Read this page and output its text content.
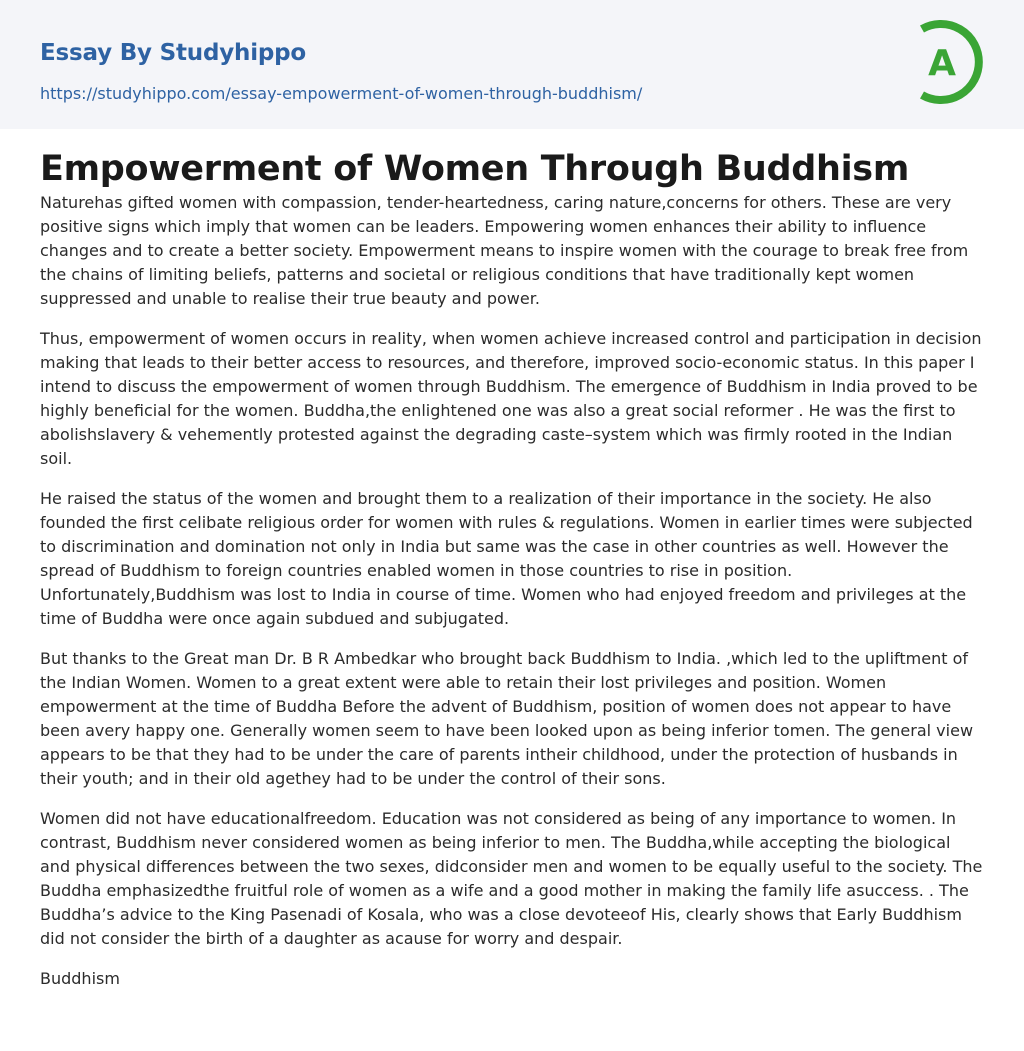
Essay By Studyhippo
https://studyhippo.com/essay-empowerment-of-women-through-buddhism/
A
Empowerment of Women Through Buddhism

Naturehas gifted women with compassion, tender-heartedness, caring nature,concerns for others. These are very positive signs which imply that women can be leaders. Empowering women enhances their ability to influence changes and to create a better society. Empowerment means to inspire women with the courage to break free from the chains of limiting beliefs, patterns and societal or religious conditions that have traditionally kept women suppressed and unable to realise their true beauty and power.

Thus, empowerment of women occurs in reality, when women achieve increased control and participation in decision making that leads to their better access to resources, and therefore, improved socio-economic status. In this paper I intend to discuss the empowerment of women through Buddhism. The emergence of Buddhism in India proved to be highly beneficial for the women. Buddha,the enlightened one was also a great social reformer . He was the first to abolishslavery & vehemently protested against the degrading caste–system which was firmly rooted in the Indian soil.

He raised the status of the women and brought them to a realization of their importance in the society. He also founded the first celibate religious order for women with rules & regulations. Women in earlier times were subjected to discrimination and domination not only in India but same was the case in other countries as well. However the spread of Buddhism to foreign countries enabled women in those countries to rise in position. Unfortunately,Buddhism was lost to India in course of time. Women who had enjoyed freedom and privileges at the time of Buddha were once again subdued and subjugated.

But thanks to the Great man Dr. B R Ambedkar who brought back Buddhism to India. ,which led to the upliftment of the Indian Women. Women to a great extent were able to retain their lost privileges and position. Women empowerment at the time of Buddha Before the advent of Buddhism, position of women does not appear to have been avery happy one. Generally women seem to have been looked upon as being inferior tomen. The general view appears to be that they had to be under the care of parents intheir childhood, under the protection of husbands in their youth; and in their old agethey had to be under the control of their sons.

Women did not have educationalfreedom. Education was not considered as being of any importance to women. In contrast, Buddhism never considered women as being inferior to men. The Buddha,while accepting the biological and physical differences between the two sexes, didconsider men and women to be equally useful to the society. The Buddha emphasizedthe fruitful role of women as a wife and a good mother in making the family life asuccess. . The Buddha’s advice to the King Pasenadi of Kosala, who was a close devoteeof His, clearly shows that Early Buddhism did not consider the birth of a daughter as acause for worry and despair.

Buddhism
